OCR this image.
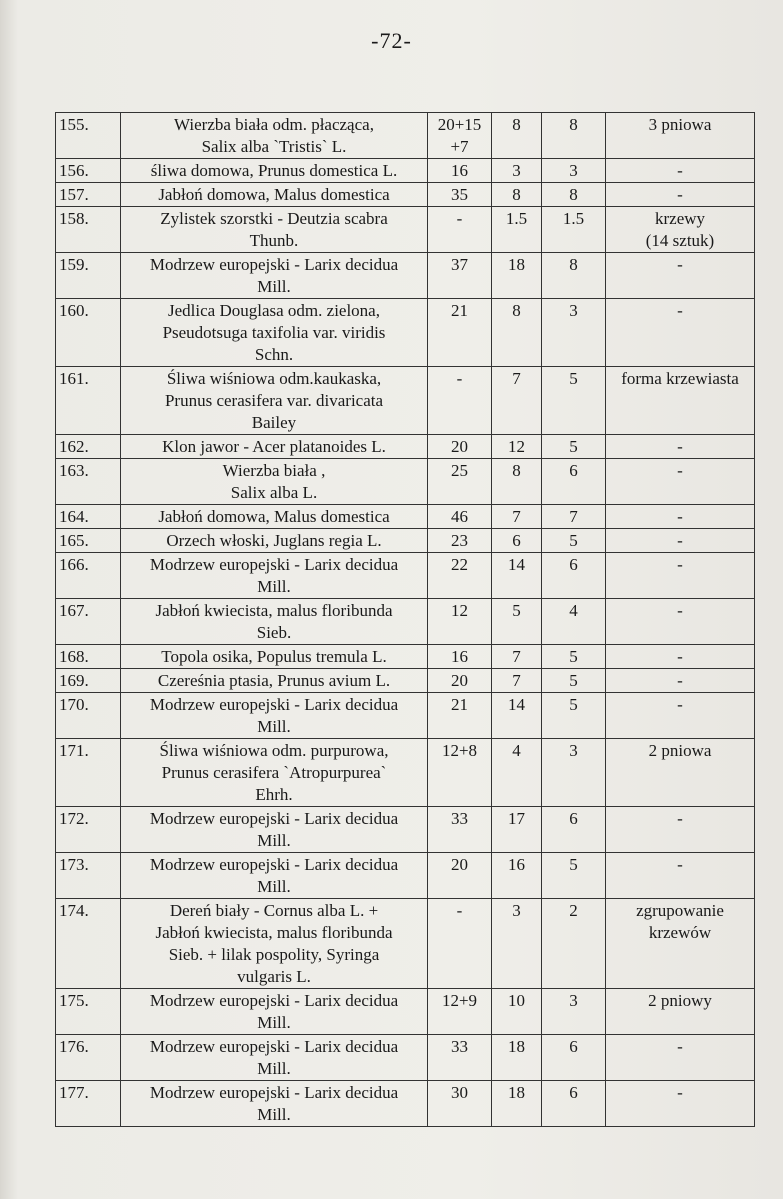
-72-
155.	Wierzba biała odm. płacząca,
Salix alba `Tristis` L.	20+15
+7	8	8	3 pniowa

156.	śliwa domowa, Prunus domestica L.	16	3	3	-

157.	Jabłoń domowa, Malus domestica	35	8	8	-

158.	Zylistek szorstki - Deutzia scabra
Thunb.	-	1.5	1.5	krzewy
(14 sztuk)

159.	Modrzew europejski - Larix decidua
Mill.	37	18	8	-

160.	Jedlica Douglasa odm. zielona,
Pseudotsuga taxifolia var. viridis
Schn.	21	8	3	-

161.	Śliwa wiśniowa odm.kaukaska,
Prunus cerasifera var. divaricata
Bailey	-	7	5	forma krzewiasta

162.	Klon jawor - Acer platanoides L.	20	12	5	-

163.	Wierzba biała ,
Salix alba L.	25	8	6	-

164.	Jabłoń domowa, Malus domestica	46	7	7	-

165.	Orzech włoski, Juglans regia L.	23	6	5	-

166.	Modrzew europejski - Larix decidua
Mill.	22	14	6	-

167.	Jabłoń kwiecista, malus floribunda
Sieb.	12	5	4	-

168.	Topola osika, Populus tremula L.	16	7	5	-

169.	Czereśnia ptasia, Prunus avium L.	20	7	5	-

170.	Modrzew europejski - Larix decidua
Mill.	21	14	5	-

171.	Śliwa wiśniowa odm. purpurowa,
Prunus cerasifera `Atropurpurea`
Ehrh.	12+8	4	3	2 pniowa

172.	Modrzew europejski - Larix decidua
Mill.	33	17	6	-

173.	Modrzew europejski - Larix decidua
Mill.	20	16	5	-

174.	Dereń biały - Cornus alba L. +
Jabłoń kwiecista, malus floribunda
Sieb. + lilak pospolity, Syringa
vulgaris L.	-	3	2	zgrupowanie
krzewów

175.	Modrzew europejski - Larix decidua
Mill.	12+9	10	3	2 pniowy

176.	Modrzew europejski - Larix decidua
Mill.	33	18	6	-

177.	Modrzew europejski - Larix decidua
Mill.	30	18	6	-
